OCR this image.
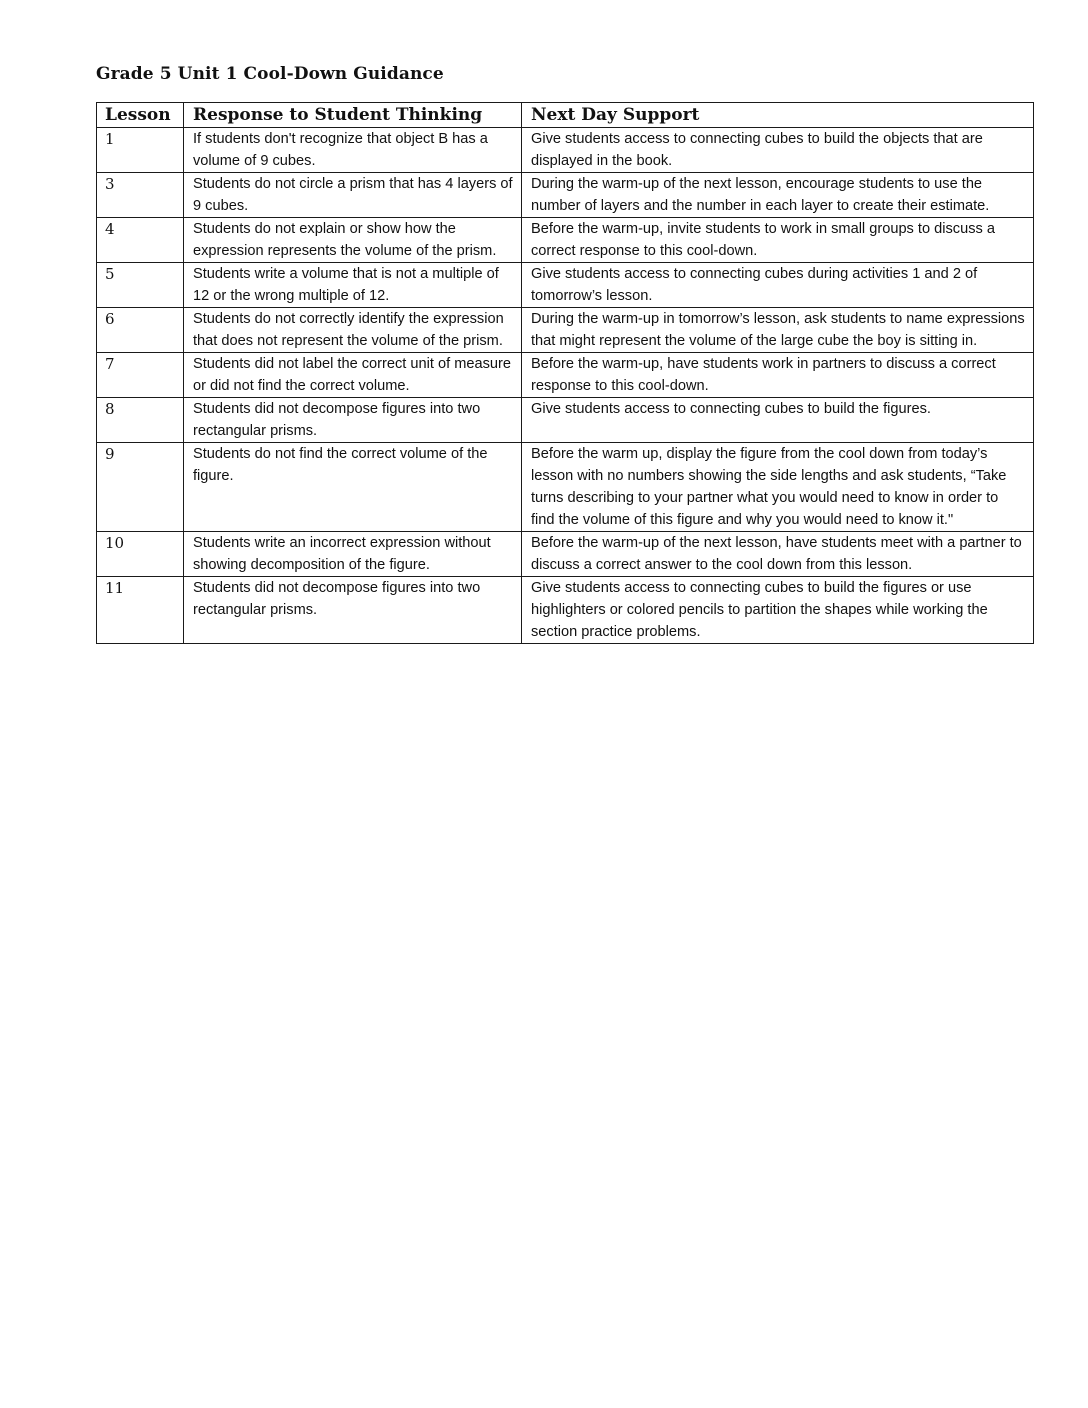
Grade 5 Unit 1 Cool-Down Guidance
Lesson	Response to Student Thinking	Next Day Support
1	If students don't recognize that object B has a volume of 9 cubes.	Give students access to connecting cubes to build the objects that are displayed in the book.
3	Students do not circle a prism that has 4 layers of 9 cubes.	During the warm-up of the next lesson, encourage students to use the number of layers and the number in each layer to create their estimate.
4	Students do not explain or show how the expression represents the volume of the prism.	Before the warm-up, invite students to work in small groups to discuss a correct response to this cool-down.
5	Students write a volume that is not a multiple of 12 or the wrong multiple of 12.	Give students access to connecting cubes during activities 1 and 2 of tomorrow’s lesson.
6	Students do not correctly identify the expression that does not represent the volume of the prism.	During the warm-up in tomorrow’s lesson, ask students to name expressions that might represent the volume of the large cube the boy is sitting in.
7	Students did not label the correct unit of measure or did not find the correct volume.	Before the warm-up, have students work in partners to discuss a correct response to this cool-down.
8	Students did not decompose figures into two rectangular prisms.	Give students access to connecting cubes to build the figures.
9	Students do not find the correct volume of the figure.	Before the warm up, display the figure from the cool down from today’s lesson with no numbers showing the side lengths and ask students, “Take turns describing to your partner what you would need to know in order to find the volume of this figure and why you would need to know it."
10	Students write an incorrect expression without showing decomposition of the figure.	Before the warm-up of the next lesson, have students meet with a partner to discuss a correct answer to the cool down from this lesson.
11	Students did not decompose figures into two rectangular prisms.	Give students access to connecting cubes to build the figures or use highlighters or colored pencils to partition the shapes while working the section practice problems.
